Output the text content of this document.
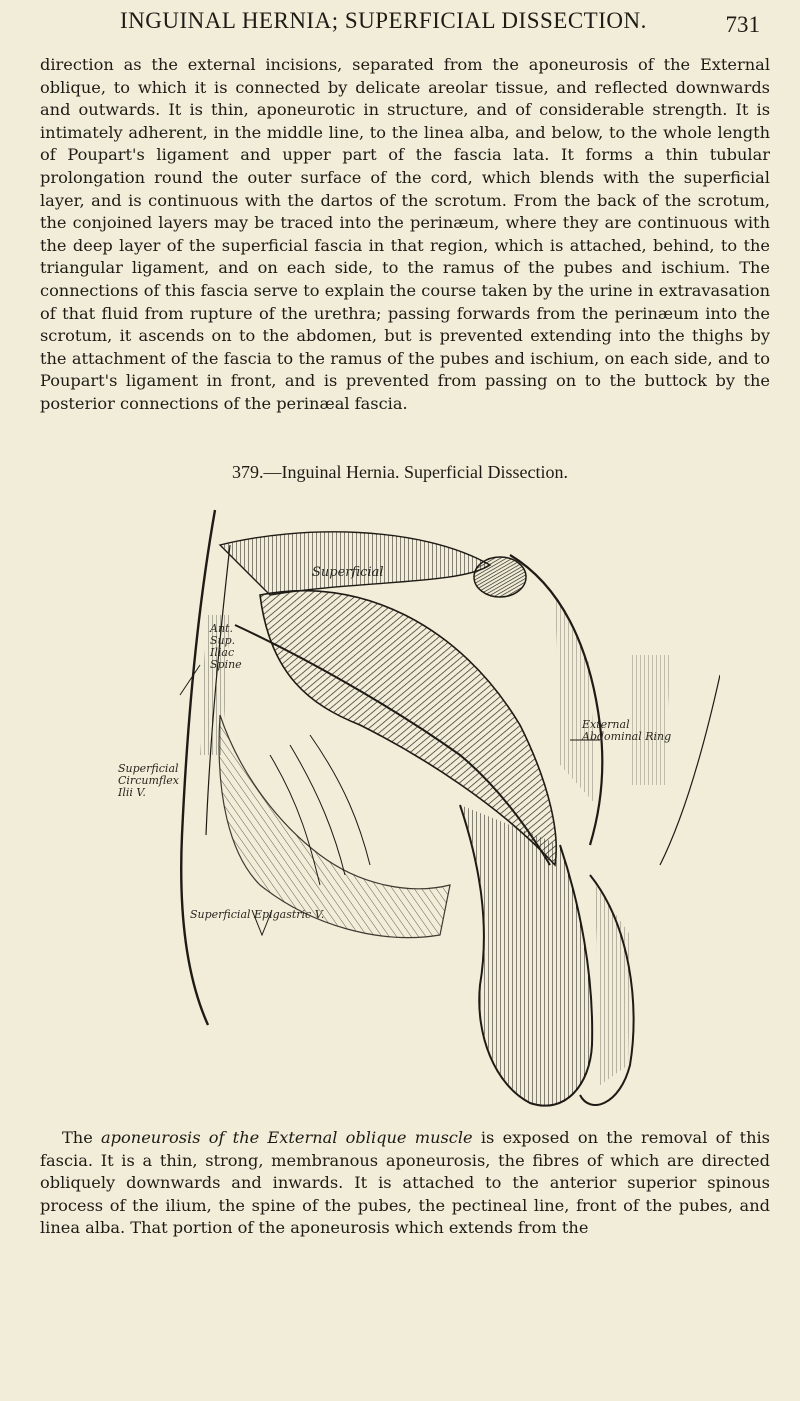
INGUINAL HERNIA; SUPERFICIAL DISSECTION.	731

direction as the external incisions, separated from the aponeurosis of the External oblique, to which it is connected by delicate areolar tissue, and reflected downwards and outwards. It is thin, aponeurotic in structure, and of considerable strength. It is intimately adherent, in the middle line, to the linea alba, and below, to the whole length of Poupart's ligament and upper part of the fascia lata. It forms a thin tubular prolongation round the outer surface of the cord, which blends with the superficial layer, and is continuous with the dartos of the scrotum. From the back of the scrotum, the conjoined layers may be traced into the perinæum, where they are continuous with the deep layer of the superficial fascia in that region, which is attached, behind, to the triangular ligament, and on each side, to the ramus of the pubes and ischium. The connections of this fascia serve to explain the course taken by the urine in extravasation of that fluid from rupture of the urethra; passing forwards from the perinæum into the scrotum, it ascends on to the abdomen, but is prevented extending into the thighs by the attachment of the fascia to the ramus of the pubes and ischium, on each side, and to Poupart's ligament in front, and is prevented from passing on to the buttock by the posterior connections of the perinæal fascia.

379.—Inguinal Hernia. Superficial Dissection.
Superficial
Ant.
Sup.
Iliac
Spine
Superficial
Circumflex
Ilii V.
External
Abdominal Ring
Superficial Epigastric V.

The aponeurosis of the External oblique muscle is exposed on the removal of this fascia. It is a thin, strong, membranous aponeurosis, the fibres of which are directed obliquely downwards and inwards. It is attached to the anterior superior spinous process of the ilium, the spine of the pubes, the pectineal line, front of the pubes, and linea alba. That portion of the aponeurosis which extends from the
